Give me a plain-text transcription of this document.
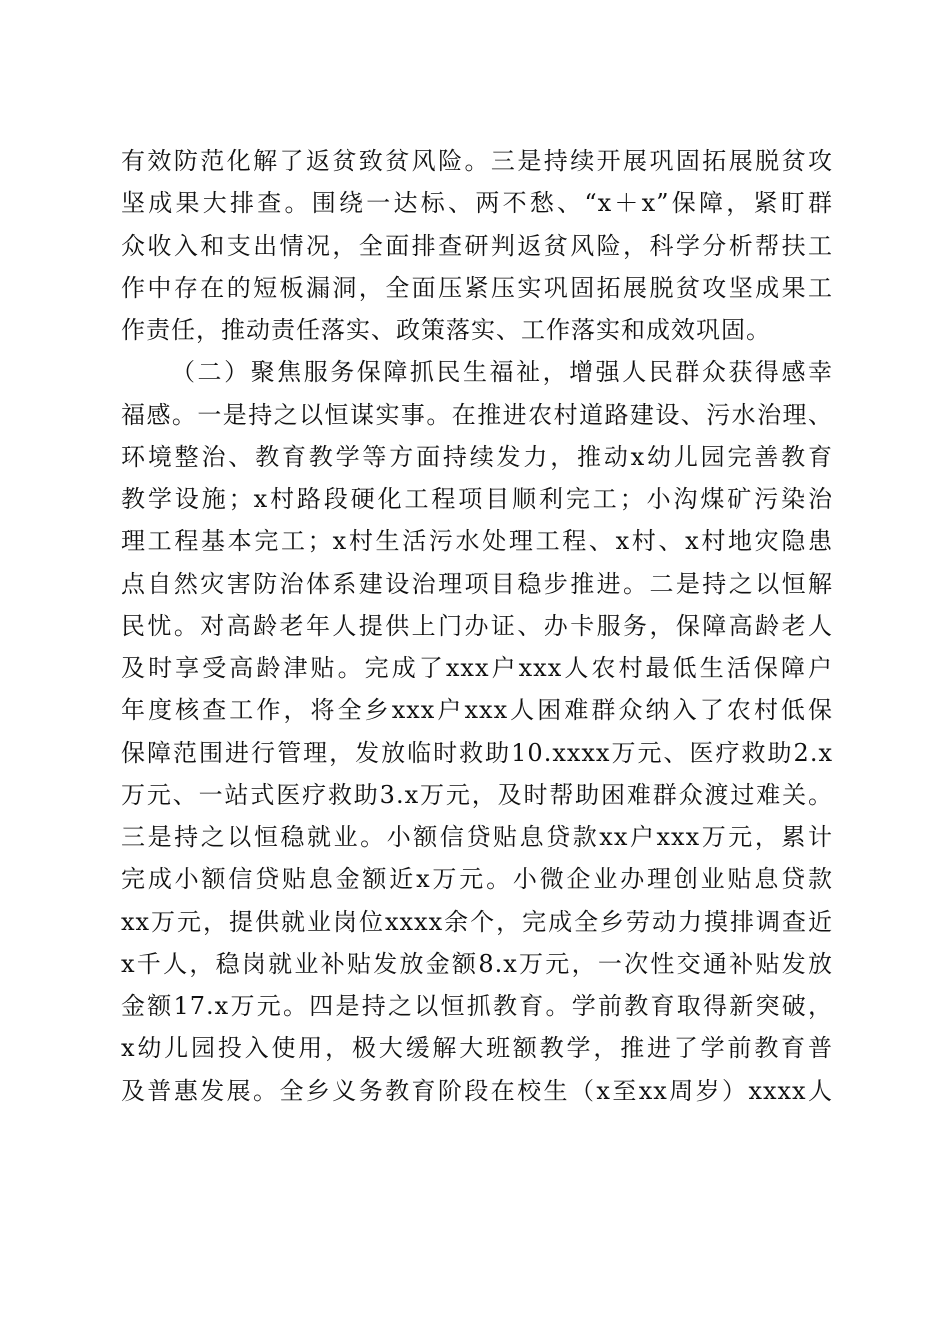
有效防范化解了返贫致贫风险。三是持续开展巩固拓展脱贫攻
坚成果大排查。围绕一达标、两不愁、“x＋x”保障，紧盯群
众收入和支出情况，全面排查研判返贫风险，科学分析帮扶工
作中存在的短板漏洞，全面压紧压实巩固拓展脱贫攻坚成果工
作责任，推动责任落实、政策落实、工作落实和成效巩固。
（二）聚焦服务保障抓民生福祉，增强人民群众获得感幸
福感。一是持之以恒谋实事。在推进农村道路建设、污水治理、
环境整治、教育教学等方面持续发力，推动x幼儿园完善教育
教学设施；x村路段硬化工程项目顺利完工；小沟煤矿污染治
理工程基本完工；x村生活污水处理工程、x村、x村地灾隐患
点自然灾害防治体系建设治理项目稳步推进。二是持之以恒解
民忧。对高龄老年人提供上门办证、办卡服务，保障高龄老人
及时享受高龄津贴。完成了xxx户xxx人农村最低生活保障户
年度核查工作，将全乡xxx户xxx人困难群众纳入了农村低保
保障范围进行管理，发放临时救助10.xxxx万元、医疗救助2.x
万元、一站式医疗救助3.x万元，及时帮助困难群众渡过难关。
三是持之以恒稳就业。小额信贷贴息贷款xx户xxx万元，累计
完成小额信贷贴息金额近x万元。小微企业办理创业贴息贷款
xx万元，提供就业岗位xxxx余个，完成全乡劳动力摸排调查近
x千人，稳岗就业补贴发放金额8.x万元，一次性交通补贴发放
金额17.x万元。四是持之以恒抓教育。学前教育取得新突破，
x幼儿园投入使用，极大缓解大班额教学，推进了学前教育普
及普惠发展。全乡义务教育阶段在校生（x至xx周岁）xxxx人
